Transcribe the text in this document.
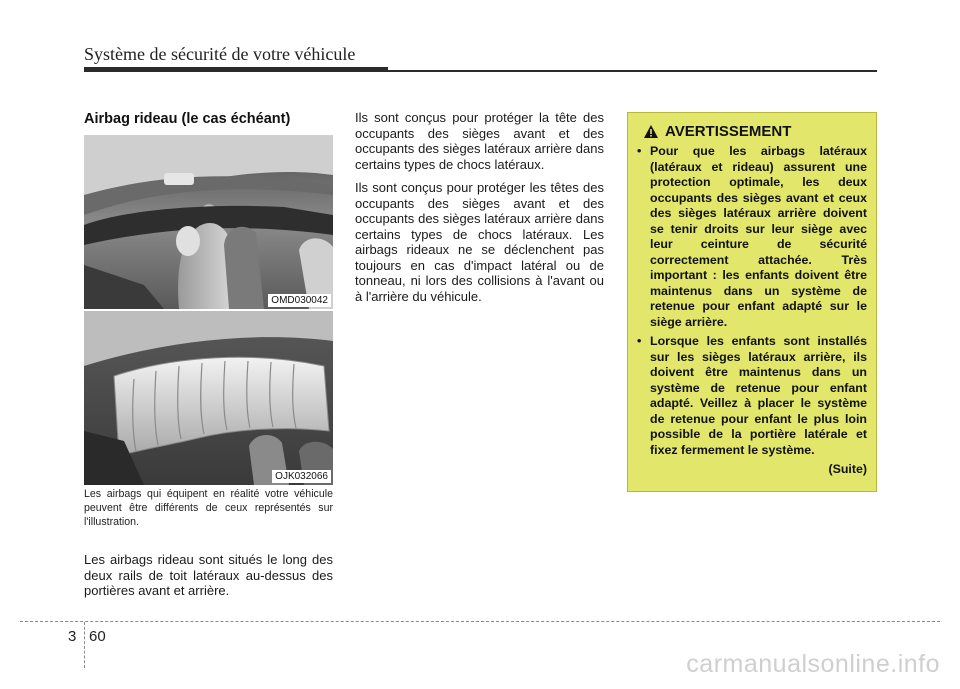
Système de sécurité de votre véhicule
Airbag rideau (le cas échéant)
OMD030042
OJK032066
Les airbags qui équipent en réalité votre véhicule peuvent être différents de ceux représentés sur l'illustration.

Les airbags rideau sont situés le long des deux rails de toit latéraux au-dessus des portières avant et arrière.

Ils sont conçus pour protéger la tête des occupants des sièges avant et des occupants des sièges latéraux arrière dans certains types de chocs latéraux.

Ils sont conçus pour protéger les têtes des occupants des sièges avant et des occupants des sièges latéraux arrière dans certains types de chocs latéraux. Les airbags rideaux ne se déclenchent pas toujours en cas d'impact latéral ou de tonneau, ni lors des collisions à l'avant ou à l'arrière du véhicule.

AVERTISSEMENT
• Pour que les airbags latéraux (latéraux et rideau) assurent une protection optimale, les deux occupants des sièges avant et ceux des sièges latéraux arrière doivent se tenir droits sur leur siège avec leur ceinture de sécurité correctement attachée. Très important : les enfants doivent être maintenus dans un système de retenue pour enfant adapté sur le siège arrière.
• Lorsque les enfants sont installés sur les sièges latéraux arrière, ils doivent être maintenus dans un système de retenue pour enfant adapté. Veillez à placer le système de retenue pour enfant le plus loin possible de la portière latérale et fixez fermement le système.
(Suite)
3 60
carmanualsonline.info
